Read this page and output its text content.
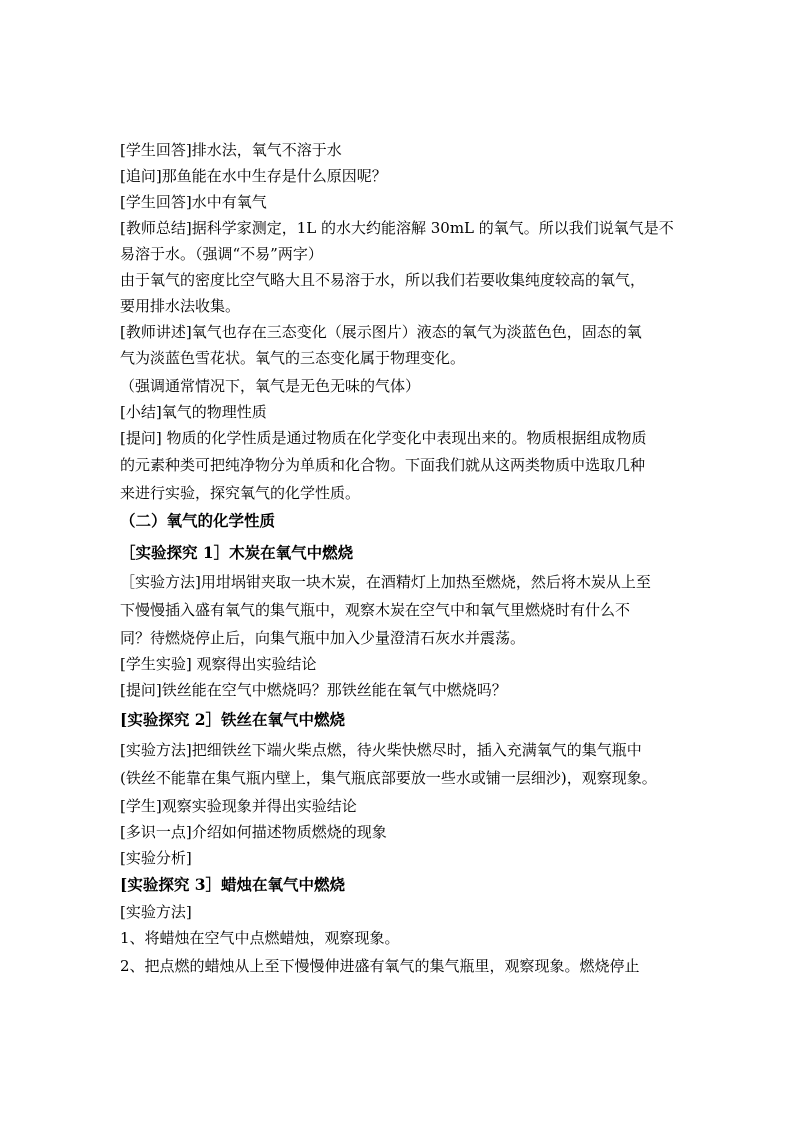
[学生回答]排水法，氧气不溶于水
[追问]那鱼能在水中生存是什么原因呢？
[学生回答]水中有氧气
[教师总结]据科学家测定，1L 的水大约能溶解 30mL 的氧气。所以我们说氧气是不
易溶于水。（强调“不易”两字）
由于氧气的密度比空气略大且不易溶于水，所以我们若要收集纯度较高的氧气，
要用排水法收集。
[教师讲述]氧气也存在三态变化（展示图片）液态的氧气为淡蓝色色，固态的氧
气为淡蓝色雪花状。氧气的三态变化属于物理变化。
（强调通常情况下，氧气是无色无味的气体）
[小结]氧气的物理性质
[提问] 物质的化学性质是通过物质在化学变化中表现出来的。物质根据组成物质
的元素种类可把纯净物分为单质和化合物。下面我们就从这两类物质中选取几种
来进行实验，探究氧气的化学性质。
（二）氧气的化学性质
［实验探究 1］木炭在氧气中燃烧
［实验方法]用坩埚钳夹取一块木炭，在酒精灯上加热至燃烧，然后将木炭从上至
下慢慢插入盛有氧气的集气瓶中，观察木炭在空气中和氧气里燃烧时有什么不
同？待燃烧停止后，向集气瓶中加入少量澄清石灰水并震荡。
[学生实验] 观察得出实验结论
[提问]铁丝能在空气中燃烧吗？那铁丝能在氧气中燃烧吗？
[实验探究 2］铁丝在氧气中燃烧
[实验方法]把细铁丝下端火柴点燃，待火柴快燃尽时，插入充满氧气的集气瓶中
(铁丝不能靠在集气瓶内壁上，集气瓶底部要放一些水或铺一层细沙)，观察现象。
[学生]观察实验现象并得出实验结论
[多识一点]介绍如何描述物质燃烧的现象
[实验分析]
[实验探究 3］蜡烛在氧气中燃烧
[实验方法]
1、将蜡烛在空气中点燃蜡烛，观察现象。
2、把点燃的蜡烛从上至下慢慢伸进盛有氧气的集气瓶里，观察现象。燃烧停止
